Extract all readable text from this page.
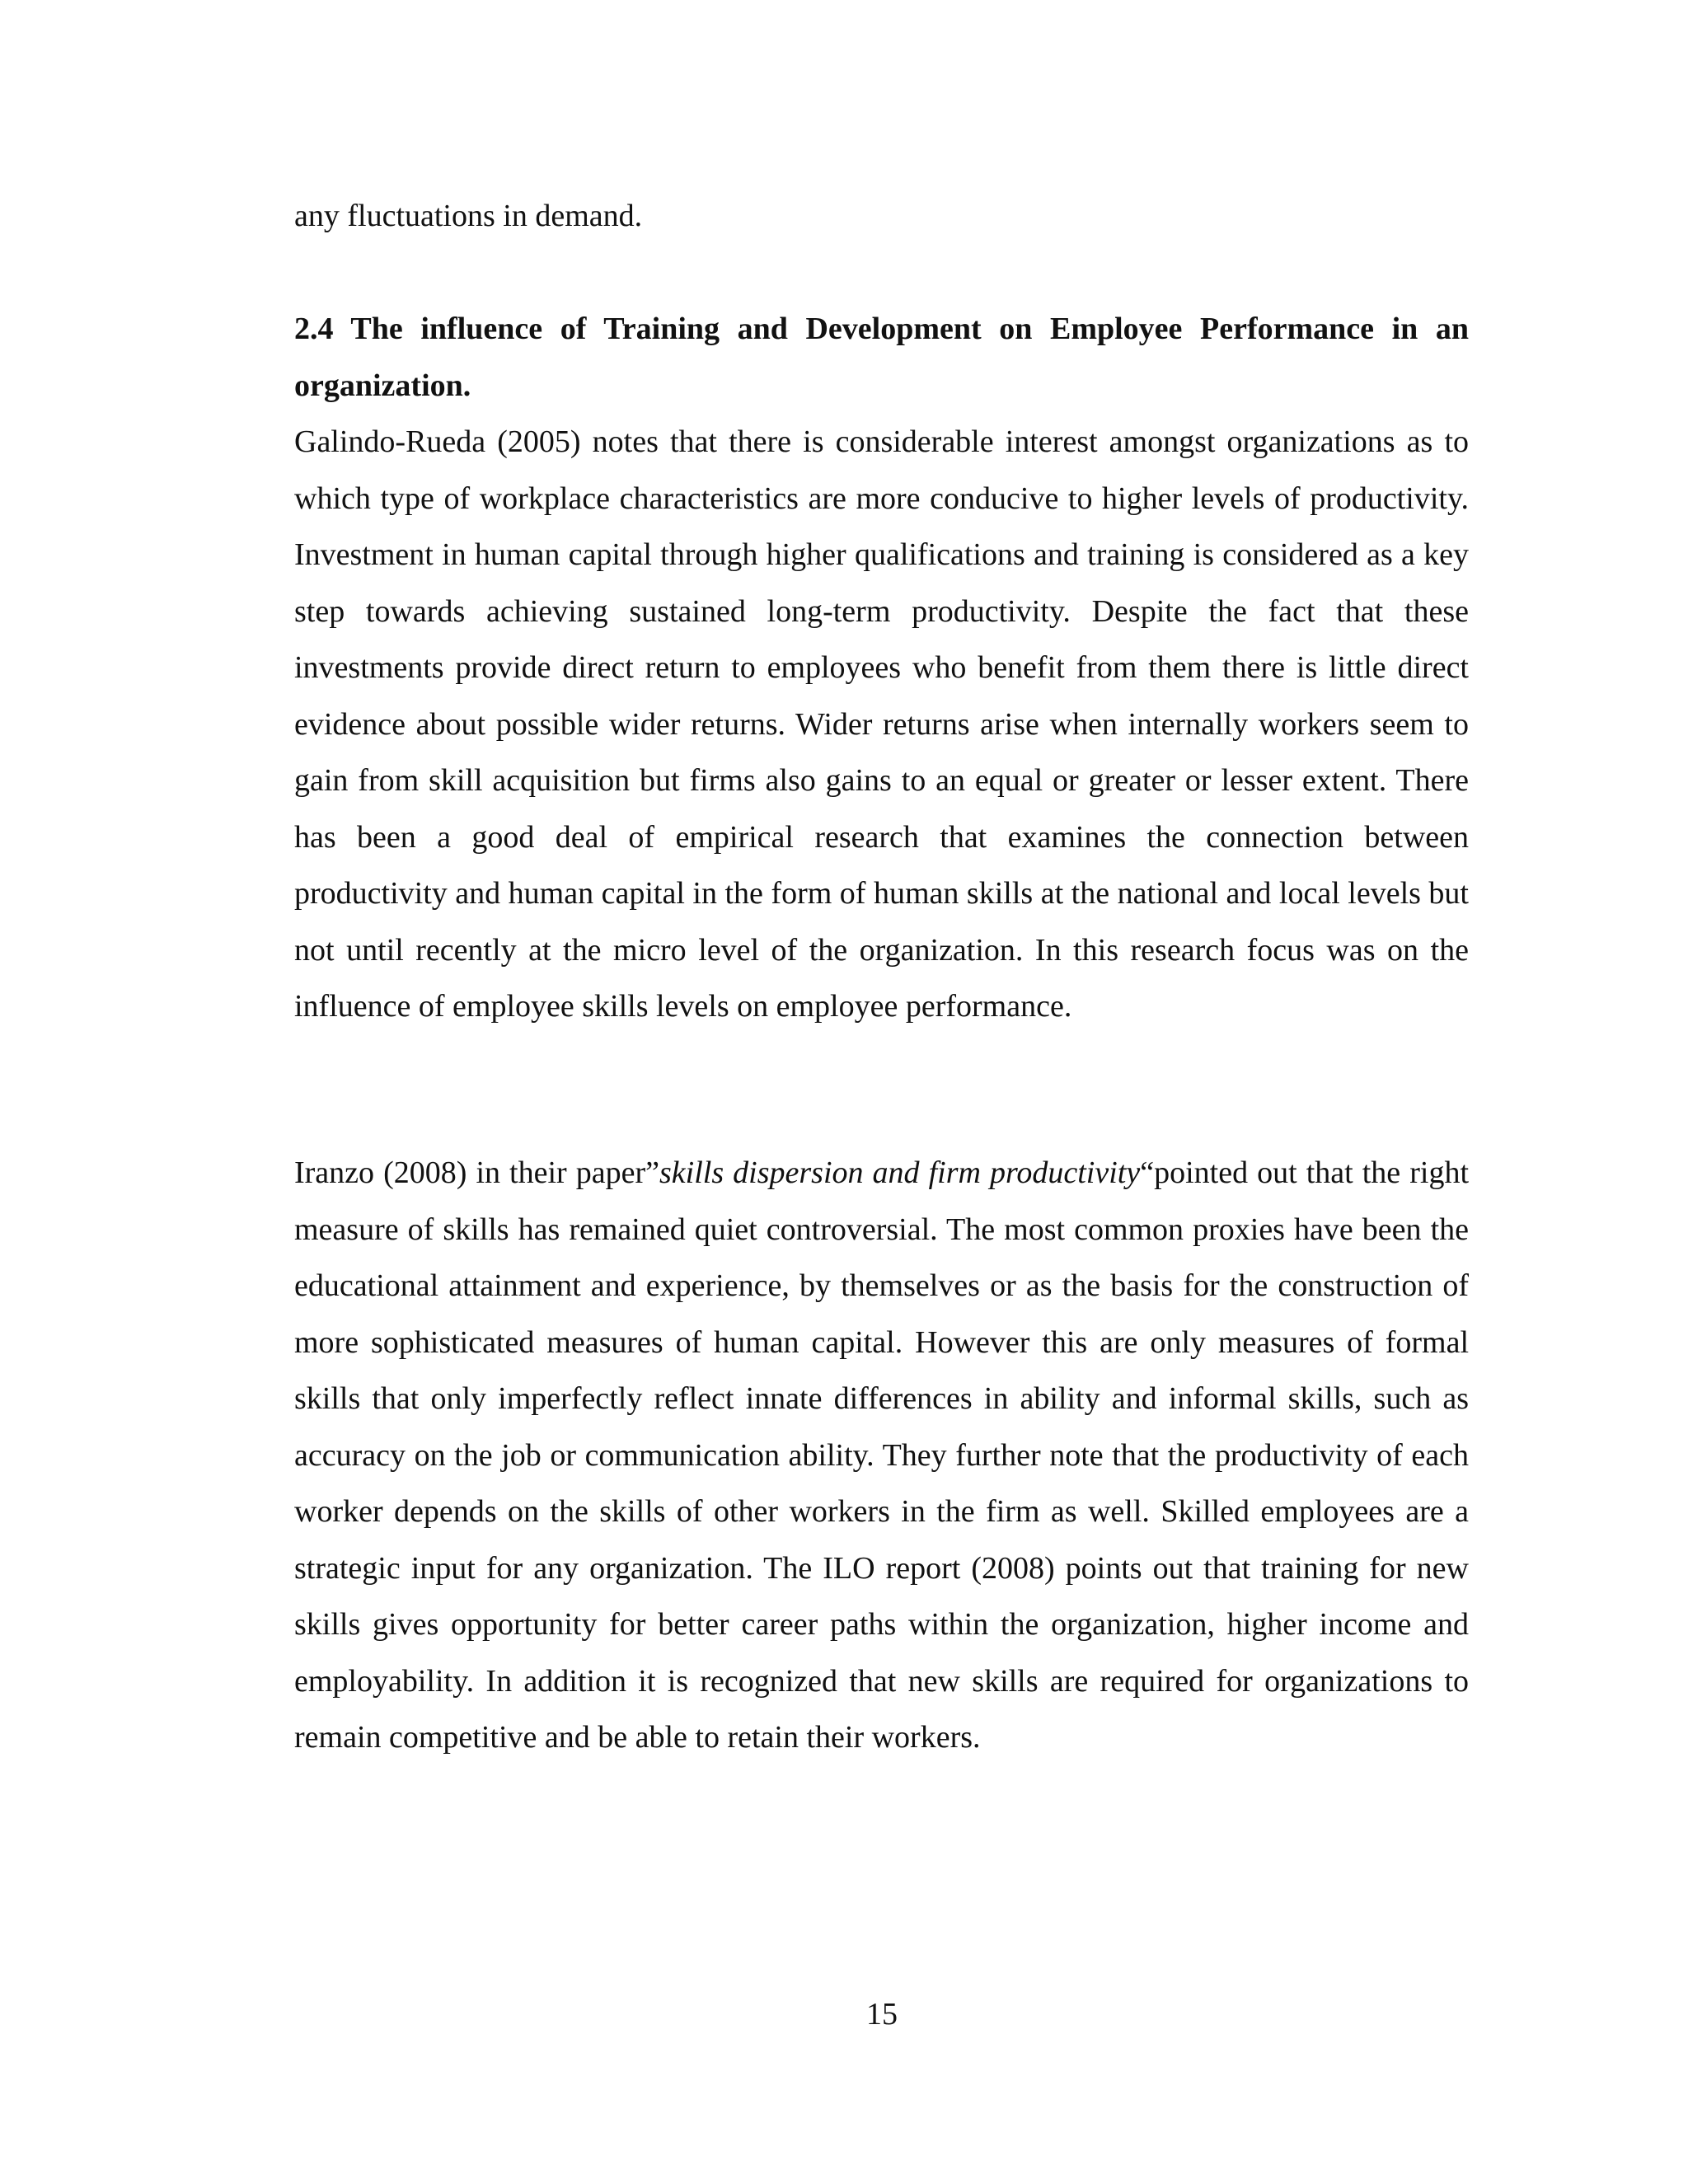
any fluctuations in demand.

2.4 The influence of Training and Development on Employee Performance in an organization.

Galindo-Rueda (2005) notes that there is considerable interest amongst organizations as to which type of workplace characteristics are more conducive to higher levels of productivity. Investment in human capital through higher qualifications and training is considered as a key step towards achieving sustained long-term productivity. Despite the fact that these investments provide direct return to employees who benefit from them there is little direct evidence about possible wider returns. Wider returns arise when internally workers seem to gain from skill acquisition but firms also gains to an equal or greater or lesser extent. There has been a good deal of empirical research that examines the connection between productivity and human capital in the form of human skills at the national and local levels but not until recently at the micro level of the organization. In this research focus was on the influence of employee skills levels on employee performance.

Iranzo (2008) in their paper”skills dispersion and firm productivity“pointed out that the right measure of skills has remained quiet controversial. The most common proxies have been the educational attainment and experience, by themselves or as the basis for the construction of more sophisticated measures of human capital. However this are only measures of formal skills that only imperfectly reflect innate differences in ability and informal skills, such as accuracy on the job or communication ability. They further note that the productivity of each worker depends on the skills of other workers in the firm as well. Skilled employees are a strategic input for any organization. The ILO report (2008) points out that training for new skills gives opportunity for better career paths within the organization, higher income and employability. In addition it is recognized that new skills are required for organizations to remain competitive and be able to retain their workers.

15
